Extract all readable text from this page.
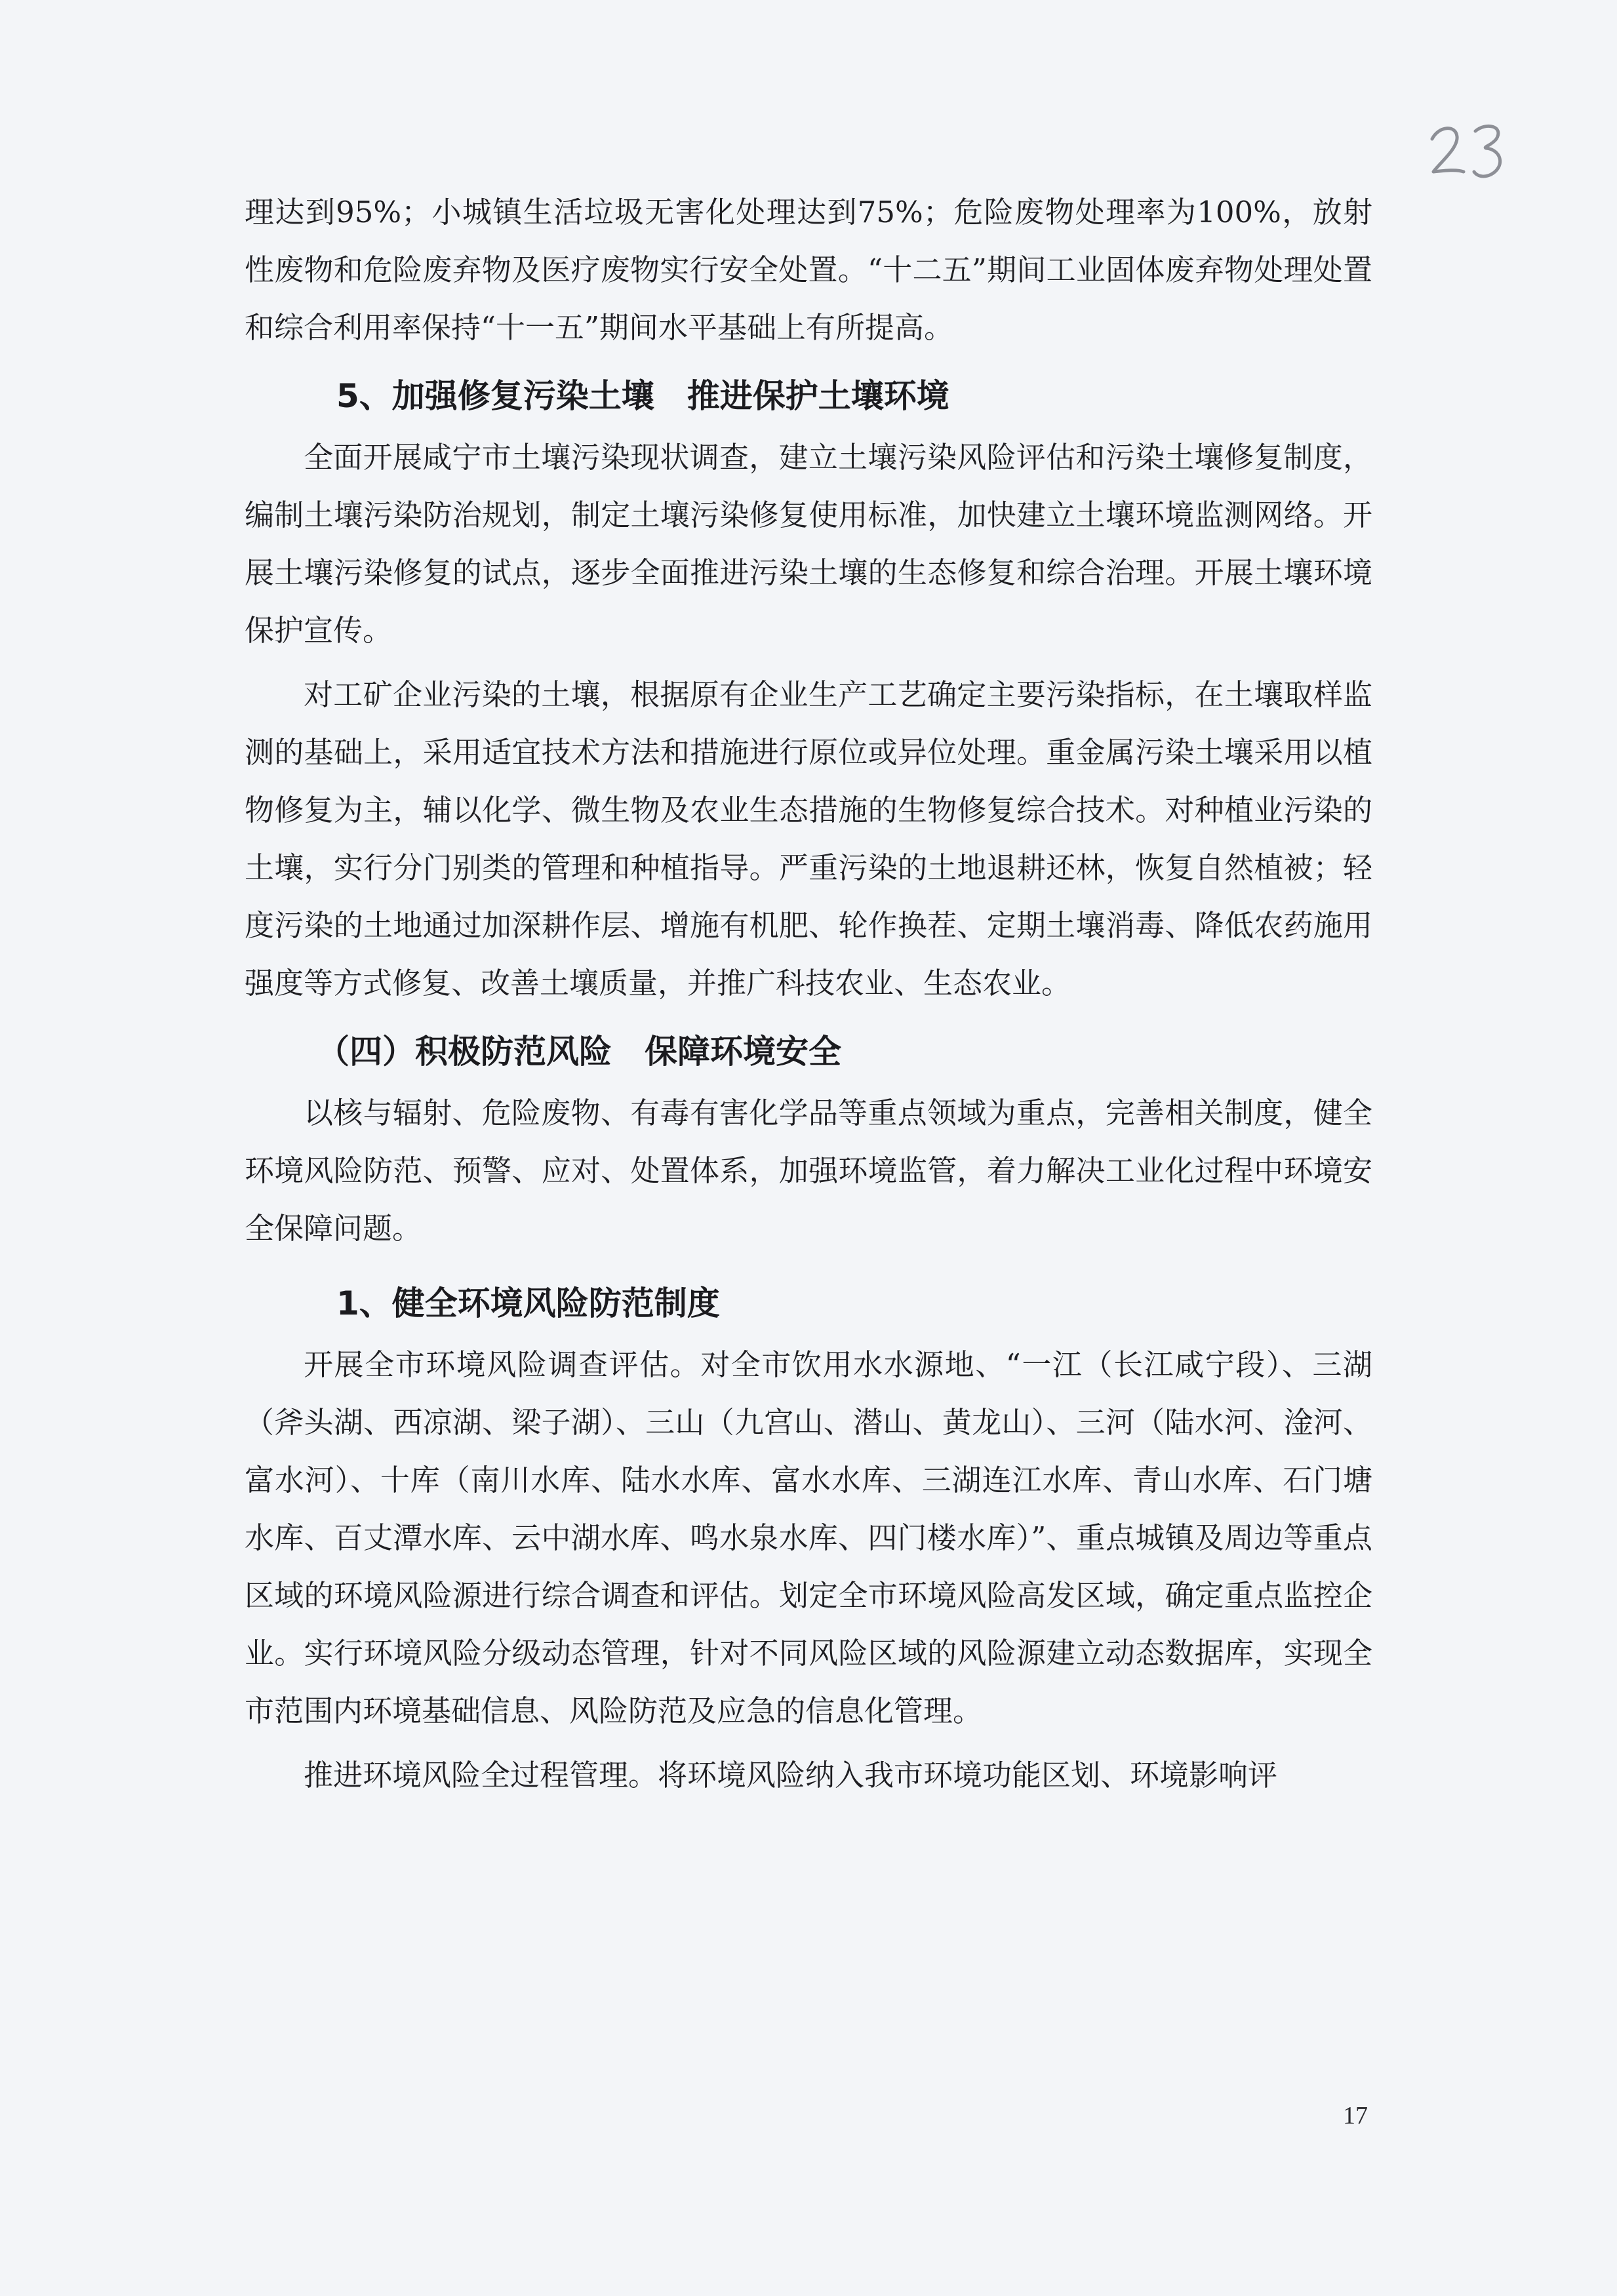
理达到95%；小城镇生活垃圾无害化处理达到75%；危险废物处理率为100%，放射性废物和危险废弃物及医疗废物实行安全处置。“十二五”期间工业固体废弃物处理处置和综合利用率保持“十一五”期间水平基础上有所提高。

5、加强修复污染土壤　推进保护土壤环境

全面开展咸宁市土壤污染现状调查，建立土壤污染风险评估和污染土壤修复制度，编制土壤污染防治规划，制定土壤污染修复使用标准，加快建立土壤环境监测网络。开展土壤污染修复的试点，逐步全面推进污染土壤的生态修复和综合治理。开展土壤环境保护宣传。

对工矿企业污染的土壤，根据原有企业生产工艺确定主要污染指标，在土壤取样监测的基础上，采用适宜技术方法和措施进行原位或异位处理。重金属污染土壤采用以植物修复为主，辅以化学、微生物及农业生态措施的生物修复综合技术。对种植业污染的土壤，实行分门别类的管理和种植指导。严重污染的土地退耕还林，恢复自然植被；轻度污染的土地通过加深耕作层、增施有机肥、轮作换茬、定期土壤消毒、降低农药施用强度等方式修复、改善土壤质量，并推广科技农业、生态农业。

（四）积极防范风险　保障环境安全

以核与辐射、危险废物、有毒有害化学品等重点领域为重点，完善相关制度，健全环境风险防范、预警、应对、处置体系，加强环境监管，着力解决工业化过程中环境安全保障问题。

1、健全环境风险防范制度

开展全市环境风险调查评估。对全市饮用水水源地、“一江（长江咸宁段）、三湖（斧头湖、西凉湖、梁子湖）、三山（九宫山、潜山、黄龙山）、三河（陆水河、淦河、富水河）、十库（南川水库、陆水水库、富水水库、三湖连江水库、青山水库、石门塘水库、百丈潭水库、云中湖水库、鸣水泉水库、四门楼水库）”、重点城镇及周边等重点区域的环境风险源进行综合调查和评估。划定全市环境风险高发区域，确定重点监控企业。实行环境风险分级动态管理，针对不同风险区域的风险源建立动态数据库，实现全市范围内环境基础信息、风险防范及应急的信息化管理。

推进环境风险全过程管理。将环境风险纳入我市环境功能区划、环境影响评

17
